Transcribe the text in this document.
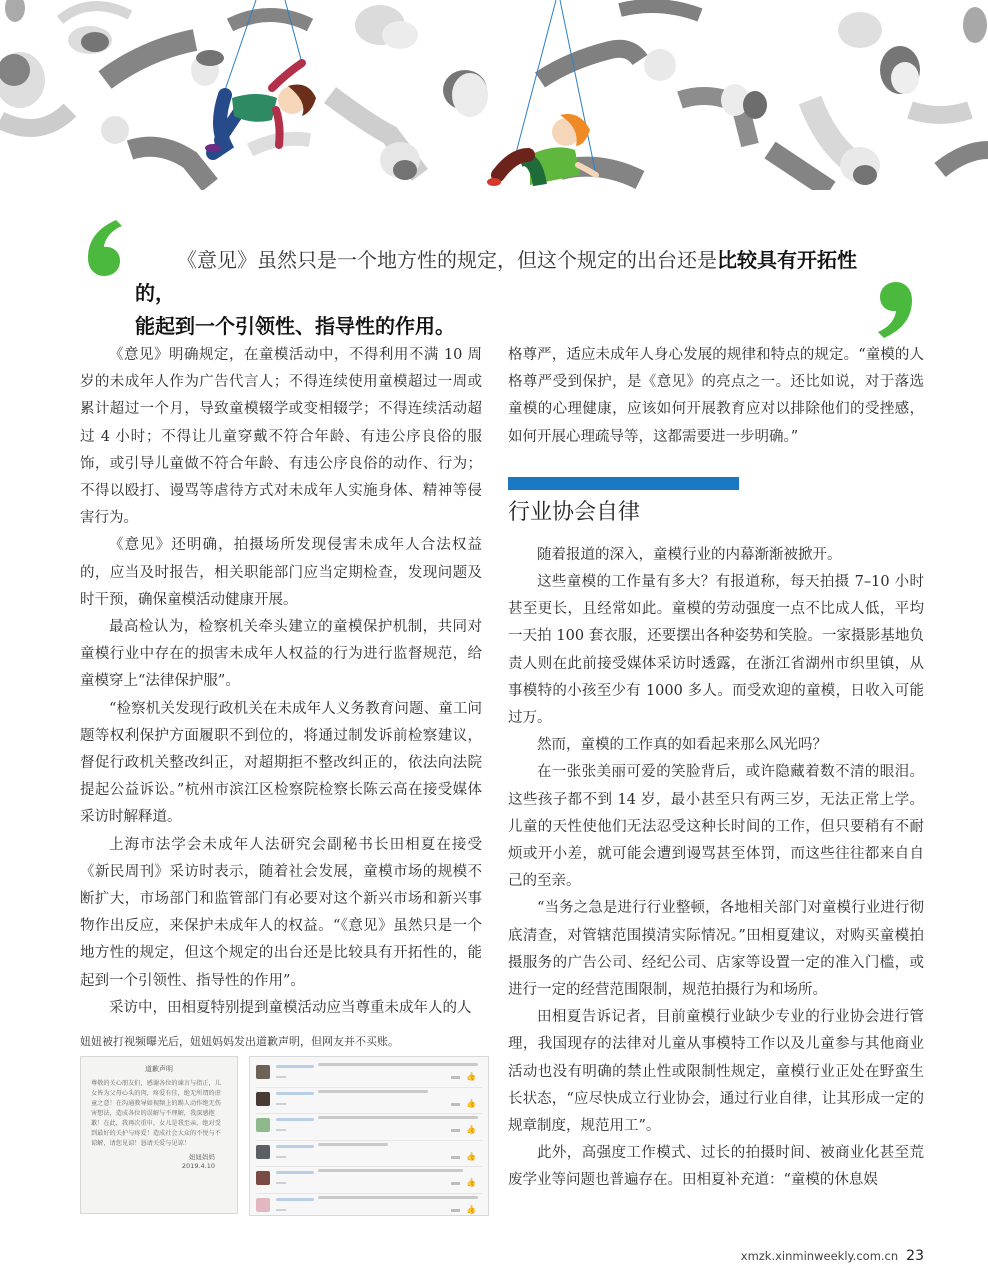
《意见》虽然只是一个地方性的规定，但这个规定的出台还是比较具有开拓性的，
能起到一个引领性、指导性的作用。

《意见》明确规定，在童模活动中，不得利用不满 10 周岁的未成年人作为广告代言人；不得连续使用童模超过一周或累计超过一个月，导致童模辍学或变相辍学；不得连续活动超过 4 小时；不得让儿童穿戴不符合年龄、有违公序良俗的服饰，或引导儿童做不符合年龄、有违公序良俗的动作、行为；不得以殴打、谩骂等虐待方式对未成年人实施身体、精神等侵害行为。

《意见》还明确，拍摄场所发现侵害未成年人合法权益的，应当及时报告，相关职能部门应当定期检查，发现问题及时干预，确保童模活动健康开展。

最高检认为，检察机关牵头建立的童模保护机制，共同对童模行业中存在的损害未成年人权益的行为进行监督规范，给童模穿上“法律保护服”。

“检察机关发现行政机关在未成年人义务教育问题、童工问题等权利保护方面履职不到位的，将通过制发诉前检察建议，督促行政机关整改纠正，对超期拒不整改纠正的，依法向法院提起公益诉讼。”杭州市滨江区检察院检察长陈云高在接受媒体采访时解释道。

上海市法学会未成年人法研究会副秘书长田相夏在接受《新民周刊》采访时表示，随着社会发展，童模市场的规模不断扩大，市场部门和监管部门有必要对这个新兴市场和新兴事物作出反应，来保护未成年人的权益。“《意见》虽然只是一个地方性的规定，但这个规定的出台还是比较具有开拓性的，能起到一个引领性、指导性的作用”。

采访中，田相夏特别提到童模活动应当尊重未成年人的人

妞妞被打视频曝光后，妞妞妈妈发出道歉声明，但网友并不买账。
道歉声明
尊敬的关心朋友们，感谢各位的谏言与指正，儿女皆为父母心头的肉，疼爱有佳，绝无所谓的虐童之意！在沟通教导如视频上的踢人动作绝无伤害想法，造成各位的误解与不理解，我深感抱歉！在此，我再次重申，女儿是我至亲，绝对受到最好的关护与疼爱！造成社会大众的不悦与不谅解，请您见谅！恳请关爱与见谅！
妞妞妈妈
2019.4.10
👍
👍
👍
👍
👍
👍

格尊严，适应未成年人身心发展的规律和特点的规定。“童模的人格尊严受到保护，是《意见》的亮点之一。还比如说，对于落选童模的心理健康，应该如何开展教育应对以排除他们的受挫感，如何开展心理疏导等，这都需要进一步明确。”

行业协会自律

随着报道的深入，童模行业的内幕渐渐被掀开。

这些童模的工作量有多大？有报道称，每天拍摄 7–10 小时甚至更长，且经常如此。童模的劳动强度一点不比成人低，平均一天拍 100 套衣服，还要摆出各种姿势和笑脸。一家摄影基地负责人则在此前接受媒体采访时透露，在浙江省湖州市织里镇，从事模特的小孩至少有 1000 多人。而受欢迎的童模，日收入可能过万。

然而，童模的工作真的如看起来那么风光吗？

在一张张美丽可爱的笑脸背后，或许隐藏着数不清的眼泪。这些孩子都不到 14 岁，最小甚至只有两三岁，无法正常上学。儿童的天性使他们无法忍受这种长时间的工作，但只要稍有不耐烦或开小差，就可能会遭到谩骂甚至体罚，而这些往往都来自自己的至亲。

“当务之急是进行行业整顿，各地相关部门对童模行业进行彻底清查，对管辖范围摸清实际情况。”田相夏建议，对购买童模拍摄服务的广告公司、经纪公司、店家等设置一定的准入门槛，或进行一定的经营范围限制，规范拍摄行为和场所。

田相夏告诉记者，目前童模行业缺少专业的行业协会进行管理，我国现存的法律对儿童从事模特工作以及儿童参与其他商业活动也没有明确的禁止性或限制性规定，童模行业正处在野蛮生长状态，“应尽快成立行业协会，通过行业自律，让其形成一定的规章制度，规范用工”。

此外，高强度工作模式、过长的拍摄时间、被商业化甚至荒废学业等问题也普遍存在。田相夏补充道：“童模的休息娱

xmzk.xinminweekly.com.cn 23
